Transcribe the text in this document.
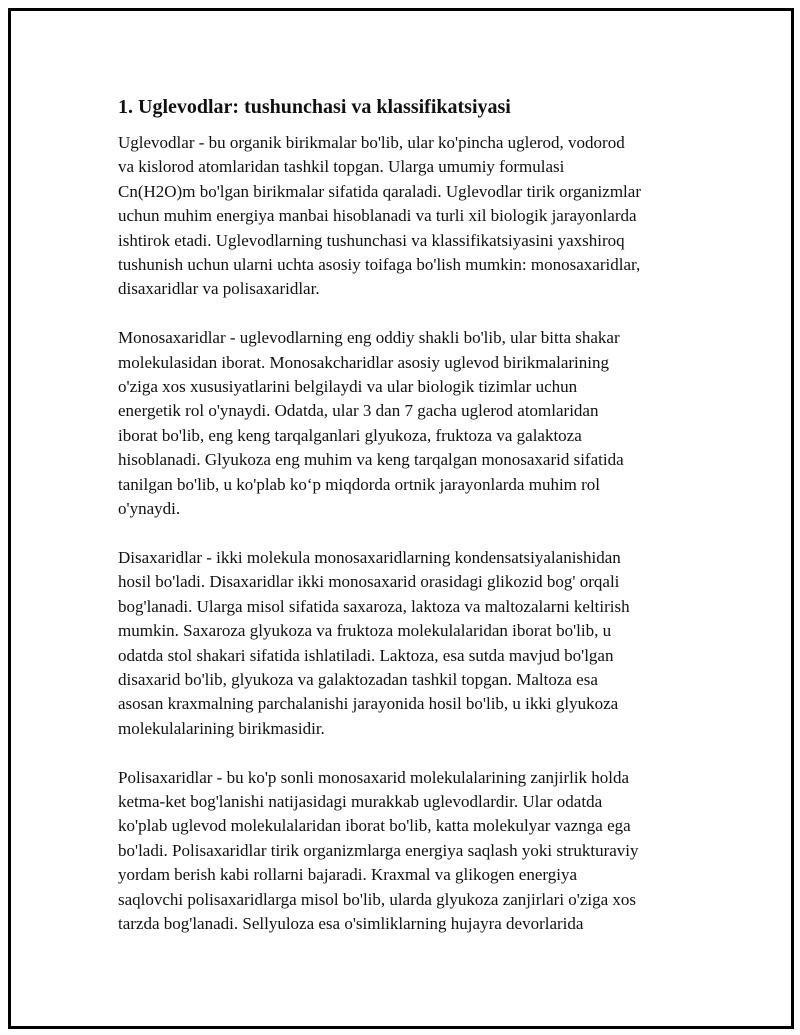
1. Uglevodlar: tushunchasi va klassifikatsiyasi
Uglevodlar - bu organik birikmalar bo'lib, ular ko'pincha uglerod, vodorod
va kislorod atomlaridan tashkil topgan. Ularga umumiy formulasi
Cn(H2O)m bo'lgan birikmalar sifatida qaraladi. Uglevodlar tirik organizmlar
uchun muhim energiya manbai hisoblanadi va turli xil biologik jarayonlarda
ishtirok etadi. Uglevodlarning tushunchasi va klassifikatsiyasini yaxshiroq
tushunish uchun ularni uchta asosiy toifaga bo'lish mumkin: monosaxaridlar,
disaxaridlar va polisaxaridlar.
Monosaxaridlar - uglevodlarning eng oddiy shakli bo'lib, ular bitta shakar
molekulasidan iborat. Monosakcharidlar asosiy uglevod birikmalarining
o'ziga xos xususiyatlarini belgilaydi va ular biologik tizimlar uchun
energetik rol o'ynaydi. Odatda, ular 3 dan 7 gacha uglerod atomlaridan
iborat bo'lib, eng keng tarqalganlari glyukoza, fruktoza va galaktoza
hisoblanadi. Glyukoza eng muhim va keng tarqalgan monosaxarid sifatida
tanilgan bo'lib, u ko'plab ko‘p miqdorda ortnik jarayonlarda muhim rol
o'ynaydi.
Disaxaridlar - ikki molekula monosaxaridlarning kondensatsiyalanishidan
hosil bo'ladi. Disaxaridlar ikki monosaxarid orasidagi glikozid bog' orqali
bog'lanadi. Ularga misol sifatida saxaroza, laktoza va maltozalarni keltirish
mumkin. Saxaroza glyukoza va fruktoza molekulalaridan iborat bo'lib, u
odatda stol shakari sifatida ishlatiladi. Laktoza, esa sutda mavjud bo'lgan
disaxarid bo'lib, glyukoza va galaktozadan tashkil topgan. Maltoza esa
asosan kraxmalning parchalanishi jarayonida hosil bo'lib, u ikki glyukoza
molekulalarining birikmasidir.
Polisaxaridlar - bu ko'p sonli monosaxarid molekulalarining zanjirlik holda
ketma-ket bog'lanishi natijasidagi murakkab uglevodlardir. Ular odatda
ko'plab uglevod molekulalaridan iborat bo'lib, katta molekulyar vaznga ega
bo'ladi. Polisaxaridlar tirik organizmlarga energiya saqlash yoki strukturaviy
yordam berish kabi rollarni bajaradi. Kraxmal va glikogen energiya
saqlovchi polisaxaridlarga misol bo'lib, ularda glyukoza zanjirlari o'ziga xos
tarzda bog'lanadi. Sellyuloza esa o'simliklarning hujayra devorlarida
